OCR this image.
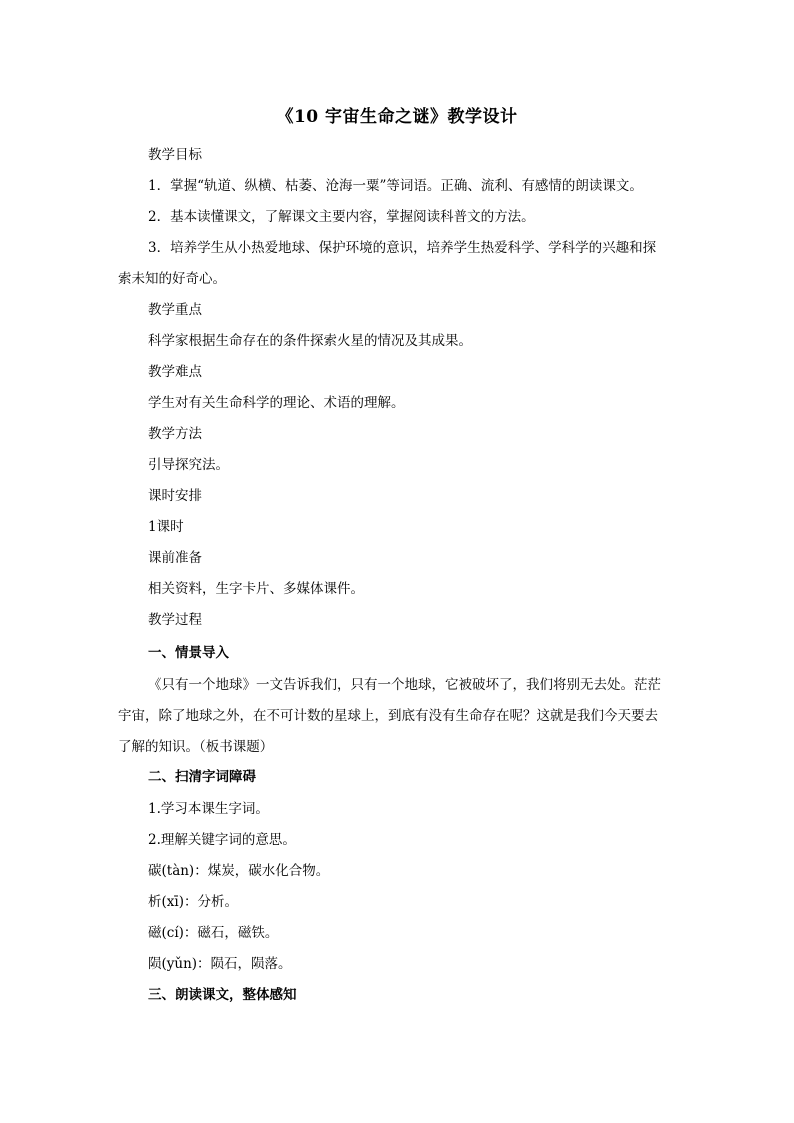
《10 宇宙生命之谜》教学设计
教学目标
1．掌握“轨道、纵横、枯萎、沧海一粟”等词语。正确、流利、有感情的朗读课文。
2．基本读懂课文，了解课文主要内容，掌握阅读科普文的方法。
3．培养学生从小热爱地球、保护环境的意识，培养学生热爱科学、学科学的兴趣和探
索未知的好奇心。
教学重点
科学家根据生命存在的条件探索火星的情况及其成果。
教学难点
学生对有关生命科学的理论、术语的理解。
教学方法
引导探究法。
课时安排
1课时
课前准备
相关资料，生字卡片、多媒体课件。
教学过程
一、情景导入
《只有一个地球》一文告诉我们，只有一个地球，它被破坏了，我们将别无去处。茫茫
宇宙，除了地球之外，在不可计数的星球上，到底有没有生命存在呢？这就是我们今天要去
了解的知识。（板书课题）
二、扫清字词障碍
1.学习本课生字词。
2.理解关键字词的意思。
碳(tàn)：煤炭，碳水化合物。
析(xī)：分析。
磁(cí)：磁石，磁铁。
陨(yǔn)：陨石，陨落。
三、朗读课文，整体感知
